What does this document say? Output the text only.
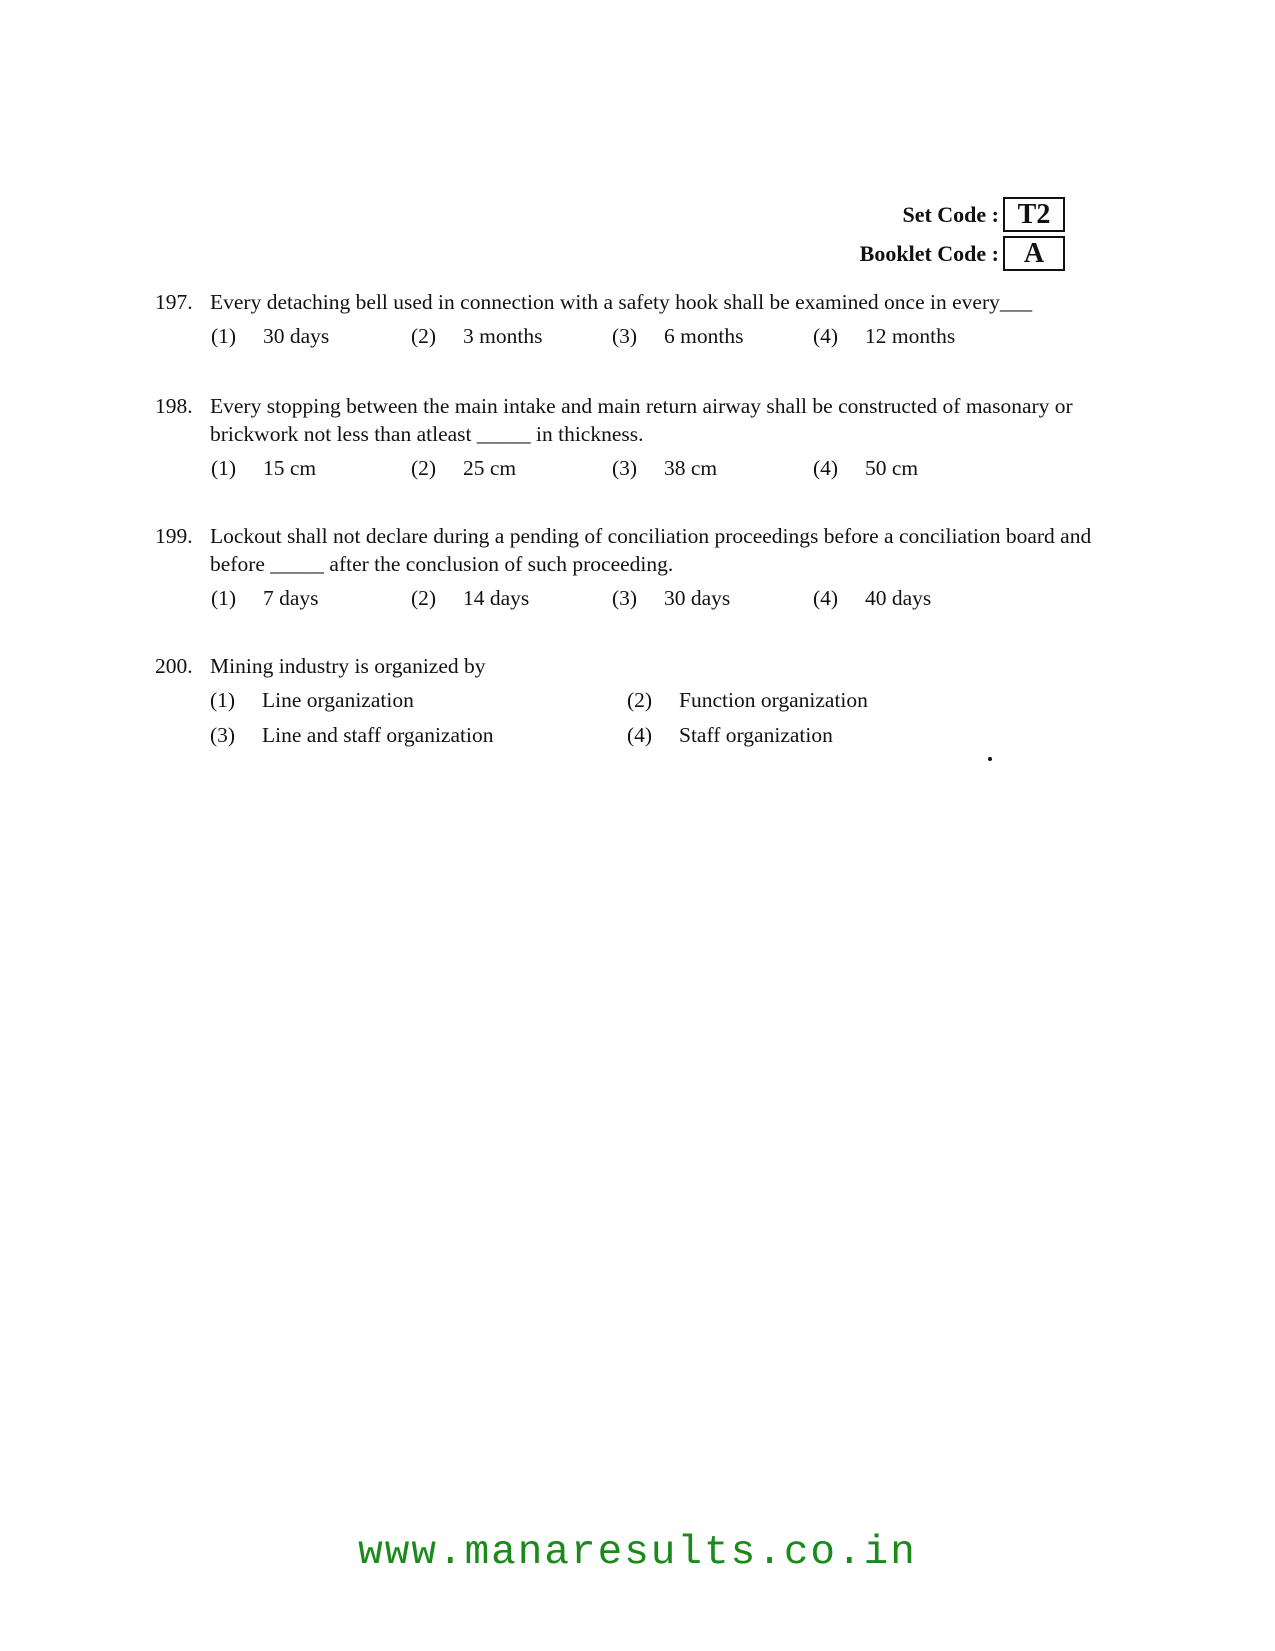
Set Code : T2
Booklet Code : A
197. Every detaching bell used in connection with a safety hook shall be examined once in every___
(1) 30 days	(2) 3 months	(3) 6 months	(4) 12 months
198. Every stopping between the main intake and main return airway shall be constructed of masonary or brickwork not less than atleast _____ in thickness.
(1) 15 cm	(2) 25 cm	(3) 38 cm	(4) 50 cm
199. Lockout shall not declare during a pending of conciliation proceedings before a conciliation board and before _____ after the conclusion of such proceeding.
(1) 7 days	(2) 14 days	(3) 30 days	(4) 40 days
200. Mining industry is organized by
(1) Line organization	(2) Function organization
(3) Line and staff organization	(4) Staff organization
www.manaresults.co.in
